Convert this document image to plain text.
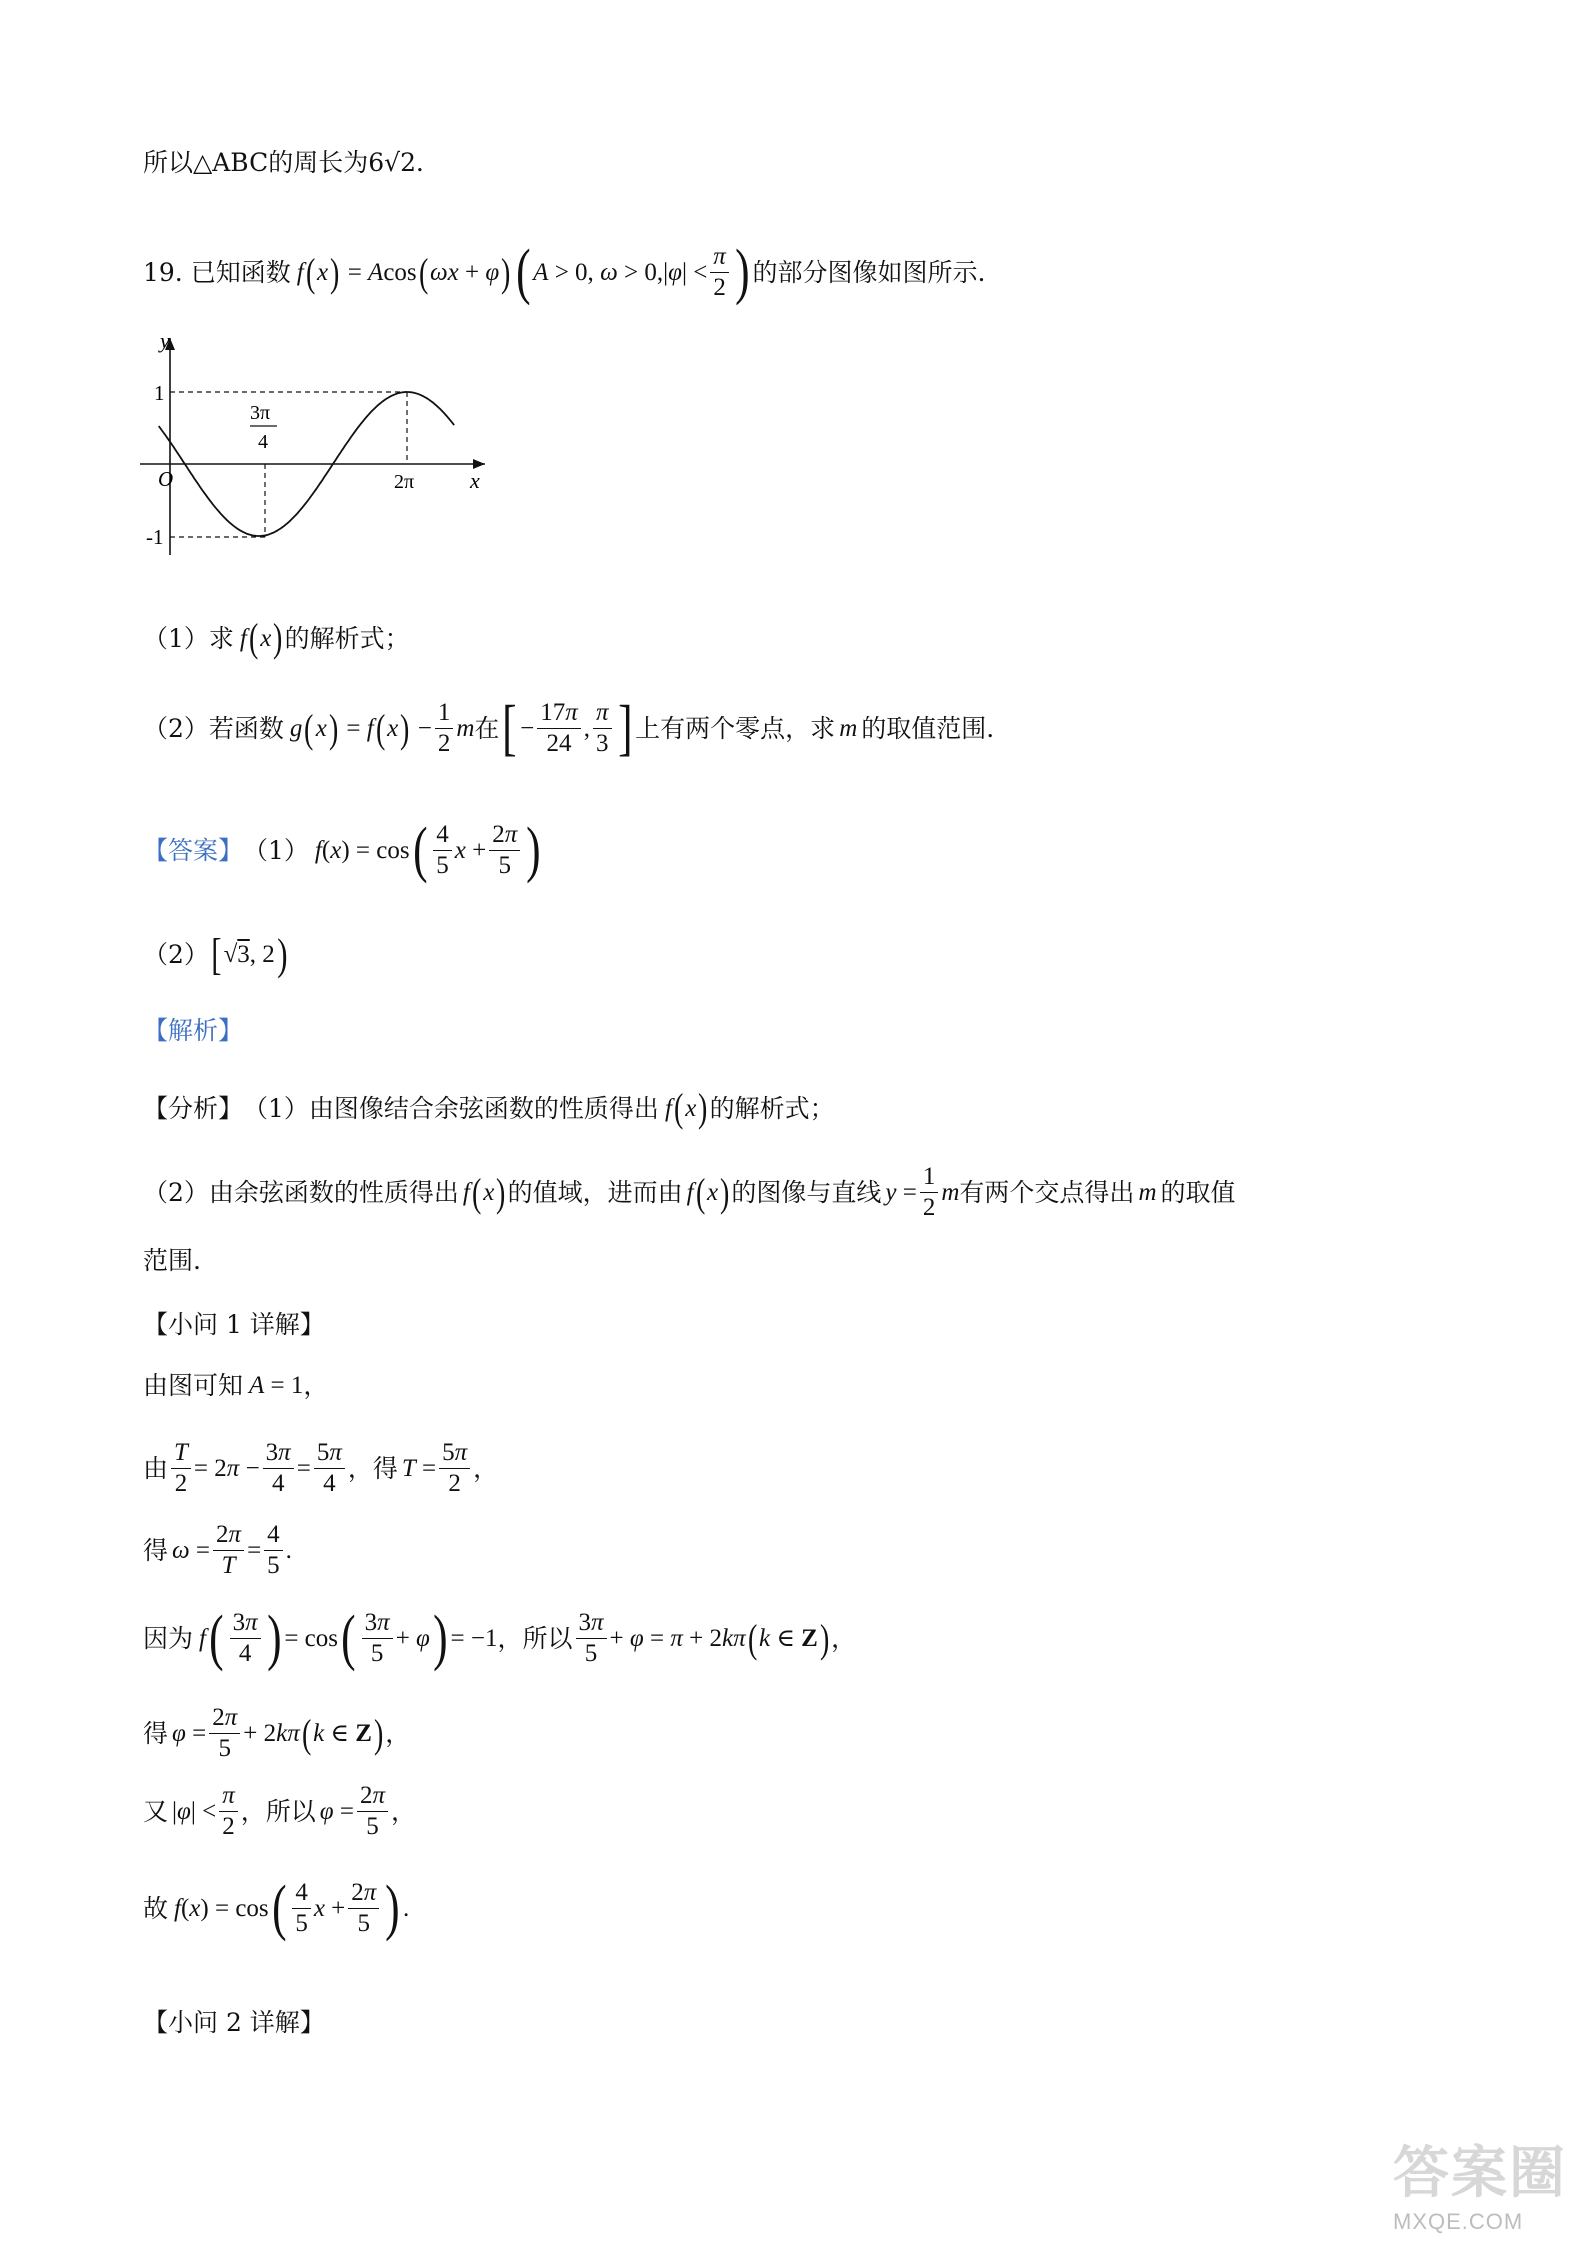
所以△ABC的周长为6√2．
19. 已知函数 f ( x ) = A cos ( ωx + φ ) ( A > 0, ω > 0, | φ | < $\frac{\pi}{2}$ ) 的部分图像如图所示.
y
x
O
1
-1
3π
4
2π
（1）求 f ( x ) 的解析式；
（2）若函数 g ( x ) = f ( x ) − $\frac{1}{2}$ m 在 [ − $\frac{17\pi}{24}$ , $\frac{\pi}{3}$ ] 上有两个零点，求 m 的取值范围.
【答案】 （1） f ( x ) = cos ( $\frac{4}{5}$ $x + \frac{2\pi}{5}$ )
（2） [ √3, 2 )
【解析】
【分析】 （1）由图像结合余弦函数的性质得出 f ( x ) 的解析式；
（2）由余弦函数的性质得出 f ( x ) 的值域，进而由 f ( x ) 的图像与直线 $y = \frac{1}{2}$ m 有两个交点得出 m 的取值
范围.
【小问 1 详解】
由图可知 A = 1 ，
由 $\frac{T}{2} = 2\pi - \frac{3\pi}{4} = \frac{5\pi}{4}$ ，得 $T = \frac{5\pi}{2}$ ，
得 $\omega = \frac{2\pi}{T} = \frac{4}{5}$ .
因为 f ( $\frac{3\pi}{4}$ ) = cos ( $\frac{3\pi}{5} + \varphi$ ) = −1 ，所以 $\frac{3\pi}{5} + \varphi = \pi + 2$ kπ ( k ∈ Z ) ，
得 $\varphi = \frac{2\pi}{5} + 2$ kπ ( k ∈ Z ) ，
又 | φ | < $\frac{\pi}{2}$ ，所以 $\varphi = \frac{2\pi}{5}$ ，
故 f ( x ) = cos ( $\frac{4}{5}$ $x + \frac{2\pi}{5}$ ) .
【小问 2 详解】
答案圈
MXQE.COM
